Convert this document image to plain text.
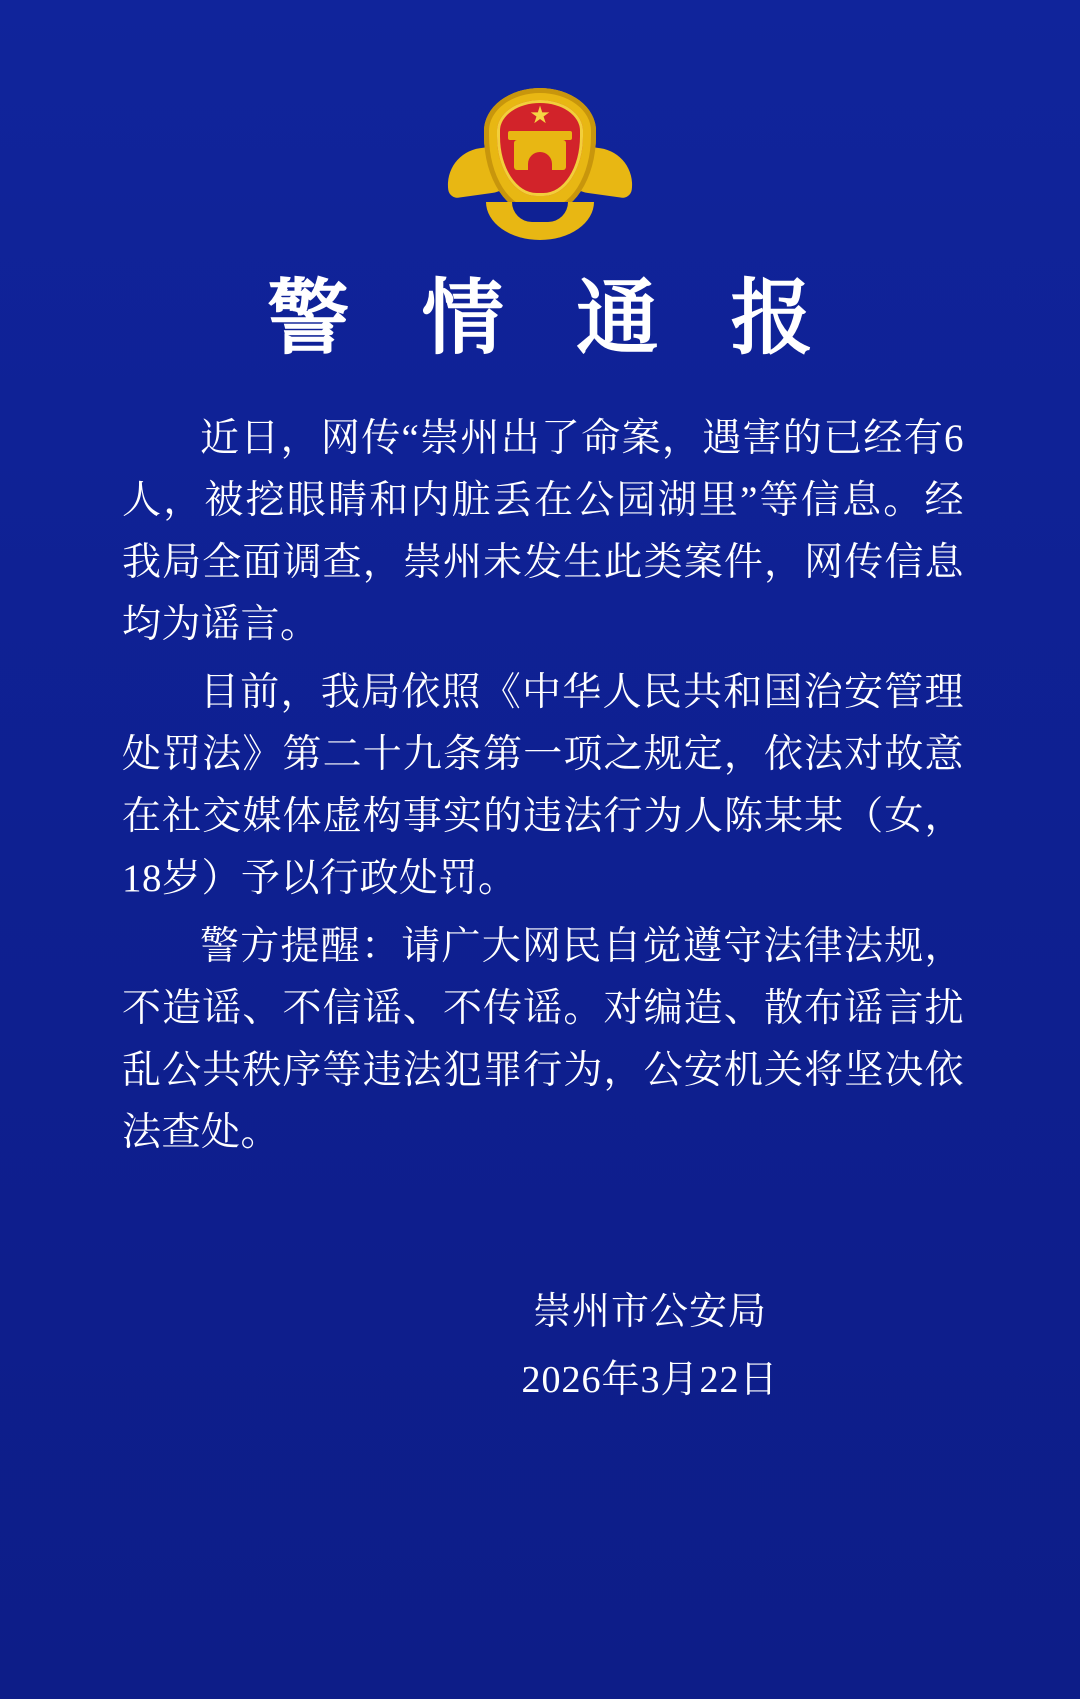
★
警 情 通 报

近日，网传“崇州出了命案，遇害的已经有6人，被挖眼睛和内脏丢在公园湖里”等信息。经我局全面调查，崇州未发生此类案件，网传信息均为谣言。

目前，我局依照《中华人民共和国治安管理处罚法》第二十九条第一项之规定，依法对故意在社交媒体虚构事实的违法行为人陈某某（女，18岁）予以行政处罚。

警方提醒：请广大网民自觉遵守法律法规，不造谣、不信谣、不传谣。对编造、散布谣言扰乱公共秩序等违法犯罪行为，公安机关将坚决依法查处。

崇州市公安局
2026年3月22日
